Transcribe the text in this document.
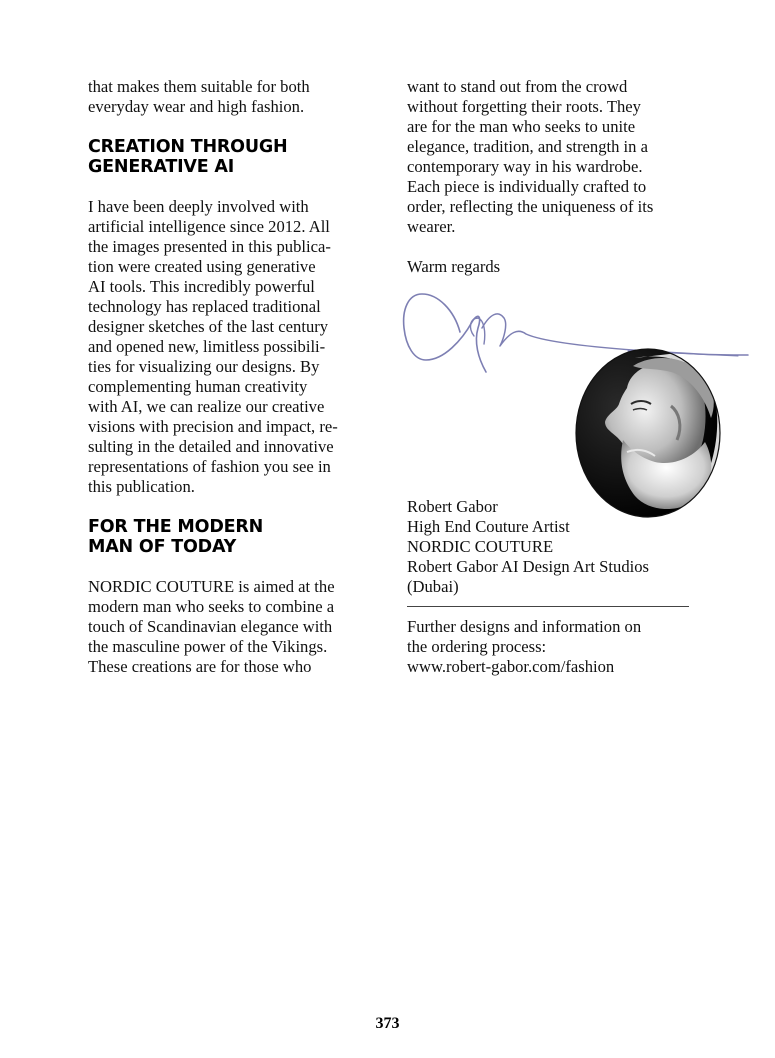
that makes them suitable for both
everyday wear and high fashion.
CREATION THROUGH
GENERATIVE AI
I have been deeply involved with
artificial intelligence since 2012. All
the images presented in this publica-
tion were created using generative
AI tools. This incredibly powerful
technology has replaced traditional
designer sketches of the last century
and opened new, limitless possibili-
ties for visualizing our designs. By
complementing human creativity
with AI, we can realize our creative
visions with precision and impact, re-
sulting in the detailed and innovative
representations of fashion you see in
this publication.
FOR THE MODERN
MAN OF TODAY
NORDIC COUTURE is aimed at the
modern man who seeks to combine a
touch of Scandinavian elegance with
the masculine power of the Vikings.
These creations are for those who
want to stand out from the crowd
without forgetting their roots. They
are for the man who seeks to unite
elegance, tradition, and strength in a
contemporary way in his wardrobe.
Each piece is individually crafted to
order, reflecting the uniqueness of its
wearer.
Warm regards
Robert Gabor
High End Couture Artist
NORDIC COUTURE
Robert Gabor AI Design Art Studios
(Dubai)
Further designs and information on
the ordering process:
www.robert-gabor.com/fashion
373
